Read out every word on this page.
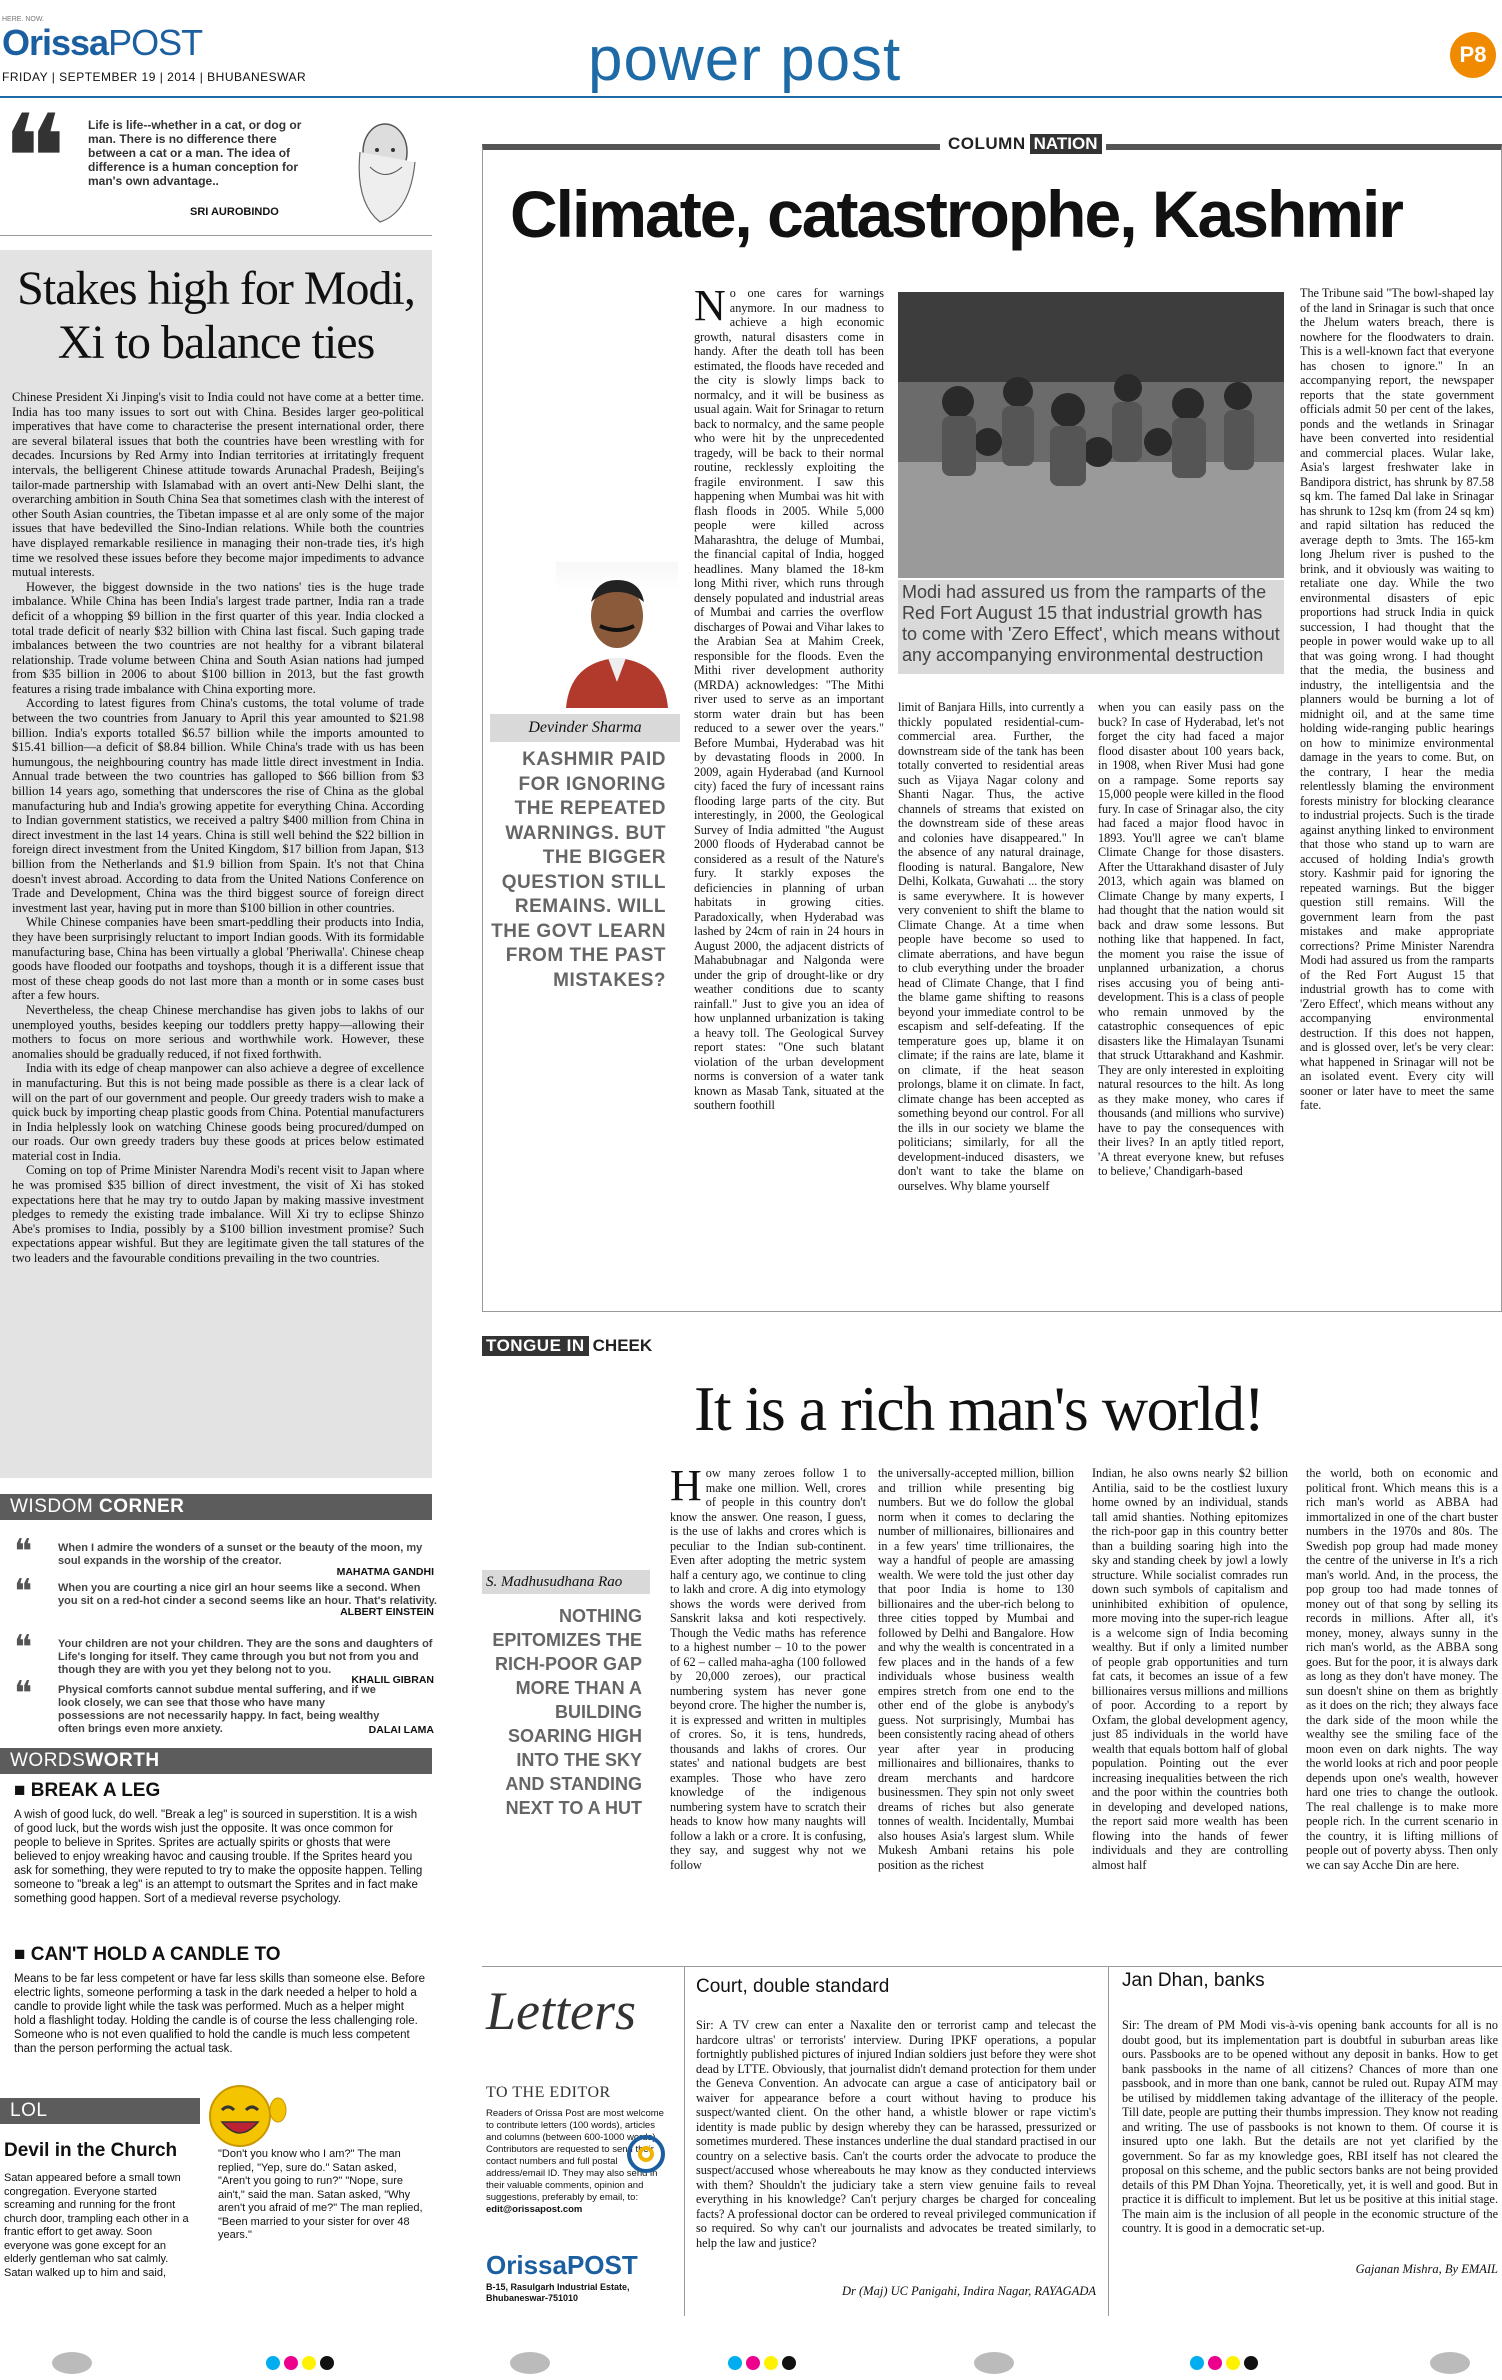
HERE. NOW.
OrissaPOST
FRIDAY | SEPTEMBER 19 | 2014 | BHUBANESWAR	power post	P8
❝ Life is life--whether in a cat, or dog or man. There is no difference there between a cat or a man. The idea of difference is a human conception for man's own advantage..
SRI AUROBINDO
Stakes high for Modi, Xi to balance ties

Chinese President Xi Jinping's visit to India could not have come at a better time. India has too many issues to sort out with China. Besides larger geo-political imperatives that have come to characterise the present international order, there are several bilateral issues that both the countries have been wrestling with for decades. Incursions by Red Army into Indian territories at irritatingly frequent intervals, the belligerent Chinese attitude towards Arunachal Pradesh, Beijing's tailor-made partnership with Islamabad with an overt anti-New Delhi slant, the overarching ambition in South China Sea that sometimes clash with the interest of other South Asian countries, the Tibetan impasse et al are only some of the major issues that have bedevilled the Sino-Indian relations. While both the countries have displayed remarkable resilience in managing their non-trade ties, it's high time we resolved these issues before they become major impediments to advance mutual interests.

However, the biggest downside in the two nations' ties is the huge trade imbalance. While China has been India's largest trade partner, India ran a trade deficit of a whopping $9 billion in the first quarter of this year. India clocked a total trade deficit of nearly $32 billion with China last fiscal. Such gaping trade imbalances between the two countries are not healthy for a vibrant bilateral relationship. Trade volume between China and South Asian nations had jumped from $35 billion in 2006 to about $100 billion in 2013, but the fast growth features a rising trade imbalance with China exporting more.

According to latest figures from China's customs, the total volume of trade between the two countries from January to April this year amounted to $21.98 billion. India's exports totalled $6.57 billion while the imports amounted to $15.41 billion—a deficit of $8.84 billion. While China's trade with us has been humungous, the neighbouring country has made little direct investment in India. Annual trade between the two countries has galloped to $66 billion from $3 billion 14 years ago, something that underscores the rise of China as the global manufacturing hub and India's growing appetite for everything China. According to Indian government statistics, we received a paltry $400 million from China in direct investment in the last 14 years. China is still well behind the $22 billion in foreign direct investment from the United Kingdom, $17 billion from Japan, $13 billion from the Netherlands and $1.9 billion from Spain. It's not that China doesn't invest abroad. According to data from the United Nations Conference on Trade and Development, China was the third biggest source of foreign direct investment last year, having put in more than $100 billion in other countries.

While Chinese companies have been smart-peddling their products into India, they have been surprisingly reluctant to import Indian goods. With its formidable manufacturing base, China has been virtually a global 'Pheriwalla'. Chinese cheap goods have flooded our footpaths and toyshops, though it is a different issue that most of these cheap goods do not last more than a month or in some cases bust after a few hours.

Nevertheless, the cheap Chinese merchandise has given jobs to lakhs of our unemployed youths, besides keeping our toddlers pretty happy—allowing their mothers to focus on more serious and worthwhile work. However, these anomalies should be gradually reduced, if not fixed forthwith.

India with its edge of cheap manpower can also achieve a degree of excellence in manufacturing. But this is not being made possible as there is a clear lack of will on the part of our government and people. Our greedy traders wish to make a quick buck by importing cheap plastic goods from China. Potential manufacturers in India helplessly look on watching Chinese goods being procured/dumped on our roads. Our own greedy traders buy these goods at prices below estimated material cost in India.

Coming on top of Prime Minister Narendra Modi's recent visit to Japan where he was promised $35 billion of direct investment, the visit of Xi has stoked expectations here that he may try to outdo Japan by making massive investment pledges to remedy the existing trade imbalance. Will Xi try to eclipse Shinzo Abe's promises to India, possibly by a $100 billion investment promise? Such expectations appear wishful. But they are legitimate given the tall statures of the two leaders and the favourable conditions prevailing in the two countries.

WISDOM CORNER
❝ When I admire the wonders of a sunset or the beauty of the moon, my soul expands in the worship of the creator.
MAHATMA GANDHI
❝ When you are courting a nice girl an hour seems like a second. When you sit on a red-hot cinder a second seems like an hour. That's relativity.
ALBERT EINSTEIN
❝ Your children are not your children. They are the sons and daughters of Life's longing for itself. They came through you but not from you and though they are with you yet they belong not to you.
KHALIL GIBRAN
❝ Physical comforts cannot subdue mental suffering, and if we look closely, we can see that those who have many possessions are not necessarily happy. In fact, being wealthy often brings even more anxiety.	DALAI LAMA
WORDSWORTH
■ BREAK A LEG
A wish of good luck, do well. "Break a leg" is sourced in superstition. It is a wish of good luck, but the words wish just the opposite. It was once common for people to believe in Sprites. Sprites are actually spirits or ghosts that were believed to enjoy wreaking havoc and causing trouble. If the Sprites heard you ask for something, they were reputed to try to make the opposite happen. Telling someone to "break a leg" is an attempt to outsmart the Sprites and in fact make something good happen. Sort of a medieval reverse psychology.
■ CAN'T HOLD A CANDLE TO
Means to be far less competent or have far less skills than someone else. Before electric lights, someone performing a task in the dark needed a helper to hold a candle to provide light while the task was performed. Much as a helper might hold a flashlight today. Holding the candle is of course the less challenging role. Someone who is not even qualified to hold the candle is much less competent than the person performing the actual task.
LOL
Devil in the Church
Satan appeared before a small town congregation. Everyone started screaming and running for the front church door, trampling each other in a frantic effort to get away. Soon everyone was gone except for an elderly gentleman who sat calmly. Satan walked up to him and said,
"Don't you know who I am?" The man replied, "Yep, sure do." Satan asked, "Aren't you going to run?" "Nope, sure ain't," said the man. Satan asked, "Why aren't you afraid of me?" The man replied, "Been married to your sister for over 48 years."
COLUMN NATION
Climate, catastrophe, Kashmir
Devinder Sharma
KASHMIR PAID FOR IGNORING THE REPEATED WARNINGS. BUT THE BIGGER QUESTION STILL REMAINS. WILL THE GOVT LEARN FROM THE PAST MISTAKES?
No one cares for warnings anymore. In our madness to achieve a high economic growth, natural disasters come in handy. After the death toll has been estimated, the floods have receded and the city is slowly limps back to normalcy, and it will be business as usual again. Wait for Srinagar to return back to normalcy, and the same people who were hit by the unprecedented tragedy, will be back to their normal routine, recklessly exploiting the fragile environment. I saw this happening when Mumbai was hit with flash floods in 2005. While 5,000 people were killed across Maharashtra, the deluge of Mumbai, the financial capital of India, hogged headlines. Many blamed the 18-km long Mithi river, which runs through densely populated and industrial areas of Mumbai and carries the overflow discharges of Powai and Vihar lakes to the Arabian Sea at Mahim Creek, responsible for the floods. Even the Mithi river development authority (MRDA) acknowledges: "The Mithi river used to serve as an important storm water drain but has been reduced to a sewer over the years." Before Mumbai, Hyderabad was hit by devastating floods in 2000. In 2009, again Hyderabad (and Kurnool city) faced the fury of incessant rains flooding large parts of the city. But interestingly, in 2000, the Geological Survey of India admitted "the August 2000 floods of Hyderabad cannot be considered as a result of the Nature's fury. It starkly exposes the deficiencies in planning of urban habitats in growing cities. Paradoxically, when Hyderabad was lashed by 24cm of rain in 24 hours in August 2000, the adjacent districts of Mahabubnagar and Nalgonda were under the grip of drought-like or dry weather conditions due to scanty rainfall." Just to give you an idea of how unplanned urbanization is taking a heavy toll. The Geological Survey report states: "One such blatant violation of the urban development norms is conversion of a water tank known as Masab Tank, situated at the southern foothill
Modi had assured us from the ramparts of the Red Fort August 15 that industrial growth has to come with 'Zero Effect', which means without any accompanying environmental destruction
limit of Banjara Hills, into currently a thickly populated residential-cum-commercial area. Further, the downstream side of the tank has been totally converted to residential areas such as Vijaya Nagar colony and Shanti Nagar. Thus, the active channels of streams that existed on the downstream side of these areas and colonies have disappeared." In the absence of any natural drainage, flooding is natural. Bangalore, New Delhi, Kolkata, Guwahati ... the story is same everywhere. It is however very convenient to shift the blame to Climate Change. At a time when people have become so used to climate aberrations, and have begun to club everything under the broader head of Climate Change, that I find the blame game shifting to reasons beyond your immediate control to be escapism and self-defeating. If the temperature goes up, blame it on climate; if the rains are late, blame it on climate, if the heat season prolongs, blame it on climate. In fact, climate change has been accepted as something beyond our control. For all the ills in our society we blame the politicians; similarly, for all the development-induced disasters, we don't want to take the blame on ourselves. Why blame yourself
when you can easily pass on the buck? In case of Hyderabad, let's not forget the city had faced a major flood disaster about 100 years back, in 1908, when River Musi had gone on a rampage. Some reports say 15,000 people were killed in the flood fury. In case of Srinagar also, the city had faced a major flood havoc in 1893. You'll agree we can't blame Climate Change for those disasters. After the Uttarakhand disaster of July 2013, which again was blamed on Climate Change by many experts, I had thought that the nation would sit back and draw some lessons. But nothing like that happened. In fact, the moment you raise the issue of unplanned urbanization, a chorus rises accusing you of being anti-development. This is a class of people who remain unmoved by the catastrophic consequences of epic disasters like the Himalayan Tsunami that struck Uttarakhand and Kashmir. They are only interested in exploiting natural resources to the hilt. As long as they make money, who cares if thousands (and millions who survive) have to pay the consequences with their lives? In an aptly titled report, 'A threat everyone knew, but refuses to believe,' Chandigarh-based
The Tribune said "The bowl-shaped lay of the land in Srinagar is such that once the Jhelum waters breach, there is nowhere for the floodwaters to drain. This is a well-known fact that everyone has chosen to ignore." In an accompanying report, the newspaper reports that the state government officials admit 50 per cent of the lakes, ponds and the wetlands in Srinagar have been converted into residential and commercial places. Wular lake, Asia's largest freshwater lake in Bandipora district, has shrunk by 87.58 sq km. The famed Dal lake in Srinagar has shrunk to 12sq km (from 24 sq km) and rapid siltation has reduced the average depth to 3mts. The 165-km long Jhelum river is pushed to the brink, and it obviously was waiting to retaliate one day. While the two environmental disasters of epic proportions had struck India in quick succession, I had thought that the people in power would wake up to all that was going wrong. I had thought that the media, the business and industry, the intelligentsia and the planners would be burning a lot of midnight oil, and at the same time holding wide-ranging public hearings on how to minimize environmental damage in the years to come. But, on the contrary, I hear the media relentlessly blaming the environment forests ministry for blocking clearance to industrial projects. Such is the tirade against anything linked to environment that those who stand up to warn are accused of holding India's growth story. Kashmir paid for ignoring the repeated warnings. But the bigger question still remains. Will the government learn from the past mistakes and make appropriate corrections? Prime Minister Narendra Modi had assured us from the ramparts of the Red Fort August 15 that industrial growth has to come with 'Zero Effect', which means without any accompanying environmental destruction. If this does not happen, and is glossed over, let's be very clear: what happened in Srinagar will not be an isolated event. Every city will sooner or later have to meet the same fate.
TONGUE IN CHEEK
It is a rich man's world!
S. Madhusudhana Rao
NOTHING EPITOMIZES THE RICH-POOR GAP MORE THAN A BUILDING SOARING HIGH INTO THE SKY AND STANDING NEXT TO A HUT
How many zeroes follow 1 to make one million. Well, crores of people in this country don't know the answer. One reason, I guess, is the use of lakhs and crores which is peculiar to the Indian sub-continent. Even after adopting the metric system half a century ago, we continue to cling to lakh and crore. A dig into etymology shows the words were derived from Sanskrit laksa and koti respectively. Though the Vedic maths has reference to a highest number – 10 to the power of 62 – called maha-agha (100 followed by 20,000 zeroes), our practical numbering system has never gone beyond crore. The higher the number is, it is expressed and written in multiples of crores. So, it is tens, hundreds, thousands and lakhs of crores. Our states' and national budgets are best examples. Those who have zero knowledge of the indigenous numbering system have to scratch their heads to know how many naughts will follow a lakh or a crore. It is confusing, they say, and suggest why not we follow
the universally-accepted million, billion and trillion while presenting big numbers. But we do follow the global norm when it comes to declaring the number of millionaires, billionaires and in a few years' time trillionaires, the way a handful of people are amassing wealth. We were told the just other day that poor India is home to 130 billionaires and the uber-rich belong to three cities topped by Mumbai and followed by Delhi and Bangalore. How and why the wealth is concentrated in a few places and in the hands of a few individuals whose business wealth empires stretch from one end to the other end of the globe is anybody's guess. Not surprisingly, Mumbai has been consistently racing ahead of others year after year in producing millionaires and billionaires, thanks to dream merchants and hardcore businessmen. They spin not only sweet dreams of riches but also generate tonnes of wealth. Incidentally, Mumbai also houses Asia's largest slum. While Mukesh Ambani retains his pole position as the richest
Indian, he also owns nearly $2 billion Antilia, said to be the costliest luxury home owned by an individual, stands tall amid shanties. Nothing epitomizes the rich-poor gap in this country better than a building soaring high into the sky and standing cheek by jowl a lowly structure. While socialist comrades run down such symbols of capitalism and uninhibited exhibition of opulence, more moving into the super-rich league is a welcome sign of India becoming wealthy. But if only a limited number of people grab opportunities and turn fat cats, it becomes an issue of a few billionaires versus millions and millions of poor. According to a report by Oxfam, the global development agency, just 85 individuals in the world have wealth that equals bottom half of global population. Pointing out the ever increasing inequalities between the rich and the poor within the countries both in developing and developed nations, the report said more wealth has been flowing into the hands of fewer individuals and they are controlling almost half
the world, both on economic and political front. Which means this is a rich man's world as ABBA had immortalized in one of the chart buster numbers in the 1970s and 80s. The Swedish pop group had made money the centre of the universe in It's a rich man's world. And, in the process, the pop group too had made tonnes of money out of that song by selling its records in millions. After all, it's money, money, always sunny in the rich man's world, as the ABBA song goes. But for the poor, it is always dark as long as they don't have money. The sun doesn't shine on them as brightly as it does on the rich; they always face the dark side of the moon while the wealthy see the smiling face of the moon even on dark nights. The way the world looks at rich and poor people depends upon one's wealth, however hard one tries to change the outlook. The real challenge is to make more people rich. In the current scenario in the country, it is lifting millions of people out of poverty abyss. Then only we can say Acche Din are here.
Letters
TO THE EDITOR
Readers of Orissa Post are most welcome to contribute letters (100 words), articles and columns (between 600-1000 words). Contributors are requested to send their contact numbers and full postal address/email ID. They may also send in their valuable comments, opinion and suggestions, preferably by email, to:
edit@orissapost.com
OrissaPOST
B-15, Rasulgarh Industrial Estate, Bhubaneswar-751010
Court, double standard
Sir: A TV crew can enter a Naxalite den or terrorist camp and telecast the hardcore ultras' or terrorists' interview. During IPKF operations, a popular fortnightly published pictures of injured Indian soldiers just before they were shot dead by LTTE. Obviously, that journalist didn't demand protection for them under the Geneva Convention. An advocate can argue a case of anticipatory bail or waiver for appearance before a court without having to produce his suspect/wanted client. On the other hand, a whistle blower or rape victim's identity is made public by design whereby they can be harassed, pressurized or sometimes murdered. These instances underline the dual standard practised in our country on a selective basis. Can't the courts order the advocate to produce the suspect/accused whose whereabouts he may know as they conducted interviews with them? Shouldn't the judiciary take a stern view genuine fails to reveal everything in his knowledge? Can't perjury charges be charged for concealing facts? A professional doctor can be ordered to reveal privileged communication if so required. So why can't our journalists and advocates be treated similarly, to help the law and justice?
Dr (Maj) UC Panigahi, Indira Nagar, RAYAGADA
Jan Dhan, banks
Sir: The dream of PM Modi vis-à-vis opening bank accounts for all is no doubt good, but its implementation part is doubtful in suburban areas like ours. Passbooks are to be opened without any deposit in banks. How to get bank passbooks in the name of all citizens? Chances of more than one passbook, and in more than one bank, cannot be ruled out. Rupay ATM may be utilised by middlemen taking advantage of the illiteracy of the people. Till date, people are putting their thumbs impression. They know not reading and writing. The use of passbooks is not known to them. Of course it is insured upto one lakh. But the details are not yet clarified by the government. So far as my knowledge goes, RBI itself has not cleared the proposal on this scheme, and the public sectors banks are not being provided details of this PM Dhan Yojna. Theoretically, yet, it is well and good. But in practice it is difficult to implement. But let us be positive at this initial stage. The main aim is the inclusion of all people in the economic structure of the country. It is good in a democratic set-up.
Gajanan Mishra, By EMAIL
